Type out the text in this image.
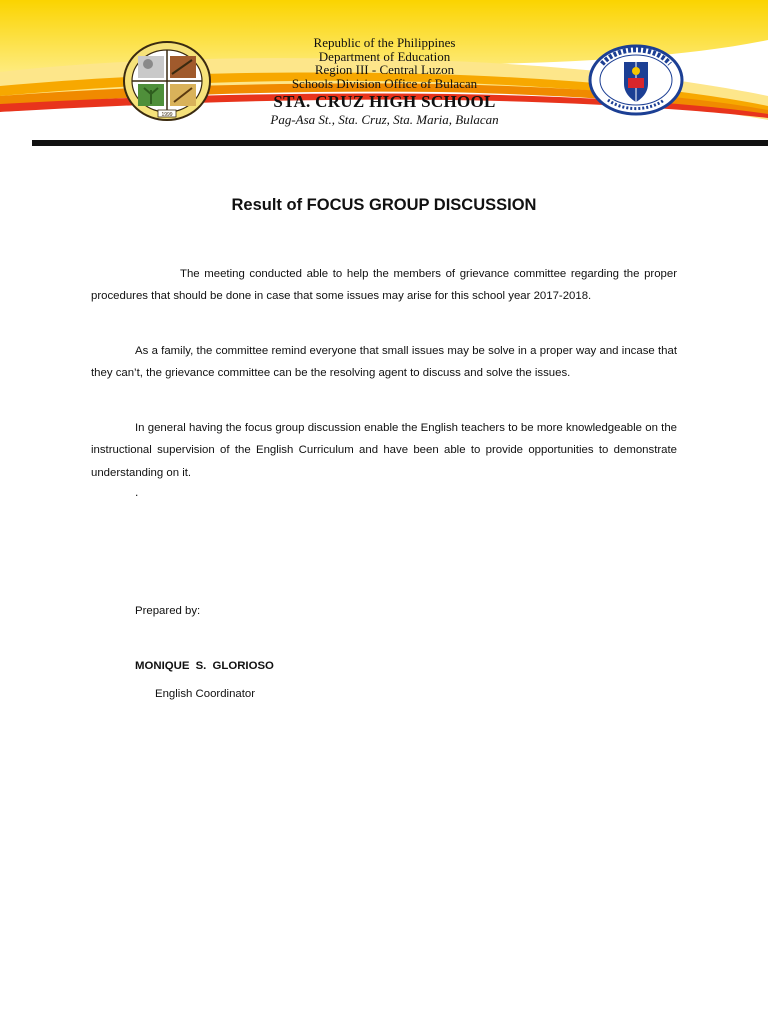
1999
Republic of the Philippines
Department of Education
Region III - Central Luzon
Schools Division Office of Bulacan
STA. CRUZ HIGH SCHOOL
Pag-Asa St., Sta. Cruz, Sta. Maria, Bulacan
Result of FOCUS GROUP DISCUSSION
The meeting conducted able to help the members of grievance committee regarding the proper procedures that should be done in case that some issues may arise for this school year 2017-2018.
As a family, the committee remind everyone that small issues may be solve in a proper way and incase that they can’t, the grievance committee can be the resolving agent to discuss and solve the issues.
In general having the focus group discussion enable the English teachers to be more knowledgeable on the instructional supervision of the English Curriculum and have been able to provide opportunities to demonstrate understanding on it.
.
Prepared by:
MONIQUE S. GLORIOSO
English Coordinator
